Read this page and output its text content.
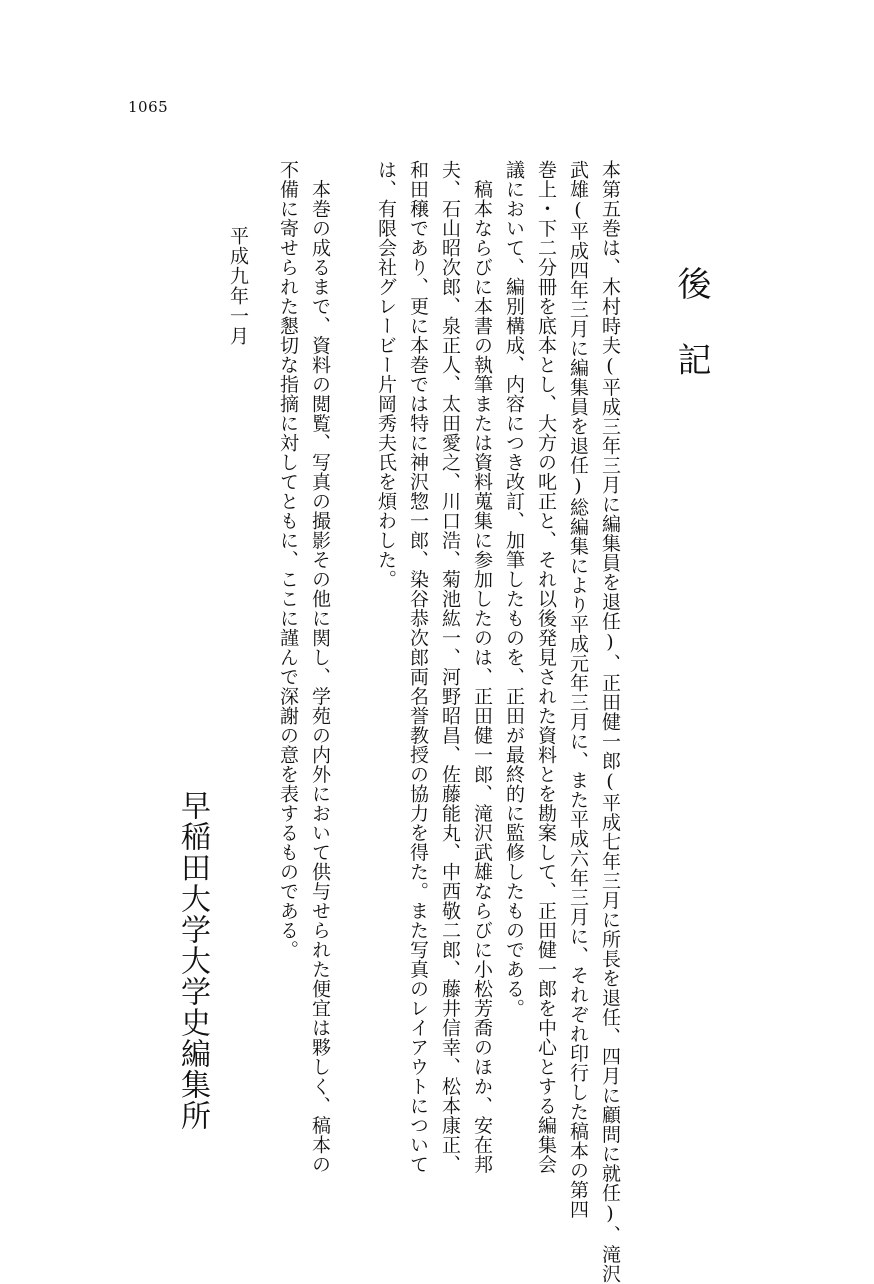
1065
後記
本第五巻は、木村時夫(平成三年三月に編集員を退任)、正田健一郎(平成七年三月に所長を退任、四月に顧問に就任)、滝沢
武雄(平成四年三月に編集員を退任)総編集により平成元年三月に、また平成六年三月に、それぞれ印行した稿本の第四
巻上・下二分冊を底本とし、大方の叱正と、それ以後発見された資料とを勘案して、正田健一郎を中心とする編集会
議において、編別構成、内容につき改訂、加筆したものを、正田が最終的に監修したものである。
　稿本ならびに本書の執筆または資料蒐集に参加したのは、正田健一郎、滝沢武雄ならびに小松芳喬のほか、安在邦
夫、石山昭次郎、泉正人、太田愛之、川口浩、菊池紘一、河野昭昌、佐藤能丸、中西敬二郎、藤井信幸、松本康正、
和田穣であり、更に本巻では特に神沢惣一郎、染谷恭次郎両名誉教授の協力を得た。また写真のレイアウトについて
は、有限会社グレービー片岡秀夫氏を煩わした。
　本巻の成るまで、資料の閲覧、写真の撮影その他に関し、学苑の内外において供与せられた便宜は夥しく、稿本の
不備に寄せられた懇切な指摘に対してともに、ここに謹んで深謝の意を表するものである。
平成九年一月
早稲田大学大学史編集所
